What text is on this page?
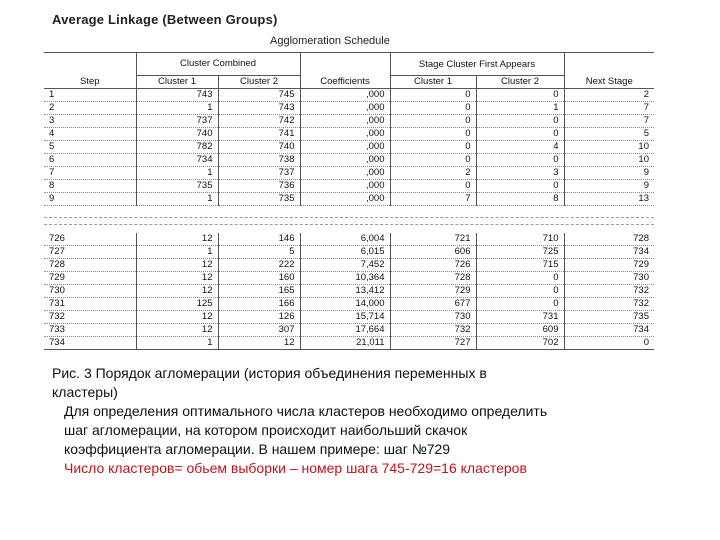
Average Linkage (Between Groups)
Agglomeration Schedule
	Cluster Combined			Stage Cluster First Appears		
Step	Cluster 1	Cluster 2	Coefficients	Cluster 1	Cluster 2	Next Stage
1	743	745	,000	0	0	2
2	1	743	,000	0	1	7
3	737	742	,000	0	0	7
4	740	741	,000	0	0	5
5	782	740	,000	0	4	10
6	734	738	,000	0	0	10
7	1	737	,000	2	3	9
8	735	736	,000	0	0	9
9	1	735	,000	7	8	13
726	12	146	6,004	721	710	728
727	1	5	6,015	606	725	734
728	12	222	7,452	726	715	729
729	12	160	10,364	728	0	730
730	12	165	13,412	729	0	732
731	125	166	14,000	677	0	732
732	12	126	15,714	730	731	735
733	12	307	17,664	732	609	734
734	1	12	21,011	727	702	0

Рис. 3 Порядок агломерации (история объединения переменных в

кластеры)

Для определения оптимального числа кластеров необходимо определить

шаг агломерации, на котором происходит наибольший скачок

коэффициента агломерации. В нашем примере: шаг №729

Число кластеров= обьем выборки – номер шага 745-729=16 кластеров
